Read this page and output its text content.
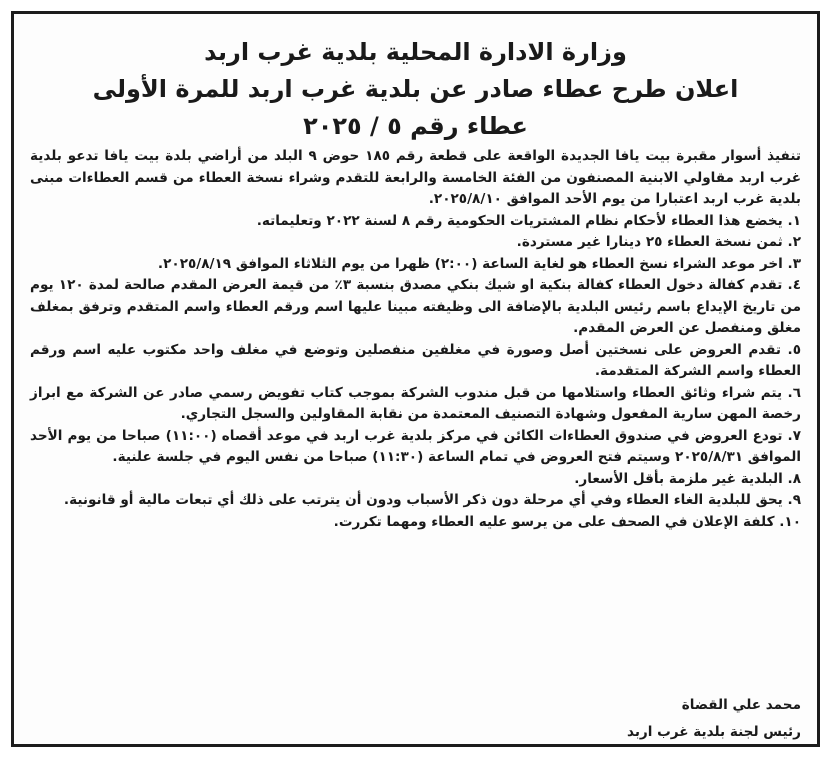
وزارة الادارة المحلية بلدية غرب اربد
اعلان طرح عطاء صادر عن بلدية غرب اربد للمرة الأولى
عطاء رقم ٥ / ٢٠٢٥

تنفيذ أسوار مقبرة بيت يافا الجديدة الواقعة على قطعة رقم ١٨٥ حوض ٩ البلد من أراضي بلدة بيت يافا تدعو بلدية غرب اربد مقاولي الابنية المصنفون من الفئة الخامسة والرابعة للتقدم وشراء نسخة العطاء من قسم العطاءات مبنى بلدية غرب اربد اعتبارا من يوم الأحد الموافق ٢٠٢٥/٨/١٠.

١. يخضع هذا العطاء لأحكام نظام المشتريات الحكومية رقم ٨ لسنة ٢٠٢٢ وتعليماته.

٢. ثمن نسخة العطاء ٢٥ دينارا غير مستردة.

٣. اخر موعد الشراء نسخ العطاء هو لغاية الساعة (٢:٠٠) ظهرا من يوم الثلاثاء الموافق ٢٠٢٥/٨/١٩.

٤. تقدم كفالة دخول العطاء كفالة بنكية او شيك بنكي مصدق بنسبة ٣٪ من قيمة العرض المقدم صالحة لمدة ١٢٠ يوم من تاريخ الإيداع باسم رئيس البلدية بالإضافة الى وظيفته مبينا عليها اسم ورقم العطاء واسم المتقدم وترفق بمغلف مغلق ومنفصل عن العرض المقدم.

٥. تقدم العروض على نسختين أصل وصورة في مغلفين منفصلين وتوضع في مغلف واحد مكتوب عليه اسم ورقم العطاء واسم الشركة المتقدمة.

٦. يتم شراء وثائق العطاء واستلامها من قبل مندوب الشركة بموجب كتاب تفويض رسمي صادر عن الشركة مع ابراز رخصة المهن سارية المفعول وشهادة التصنيف المعتمدة من نقابة المقاولين والسجل التجاري.

٧. تودع العروض في صندوق العطاءات الكائن في مركز بلدية غرب اربد في موعد أقصاه (١١:٠٠) صباحا من يوم الأحد الموافق ٢٠٢٥/٨/٣١ وسيتم فتح العروض في تمام الساعة (١١:٣٠) صباحا من نفس اليوم في جلسة علنية.

٨. البلدية غير ملزمة بأقل الأسعار.

٩. يحق للبلدية الغاء العطاء وفي أي مرحلة دون ذكر الأسباب ودون أن يترتب على ذلك أي تبعات مالية أو قانونية.

١٠. كلفة الإعلان في الصحف على من يرسو عليه العطاء ومهما تكررت.

محمد علي القضاة
رئيس لجنة بلدية غرب اربد
